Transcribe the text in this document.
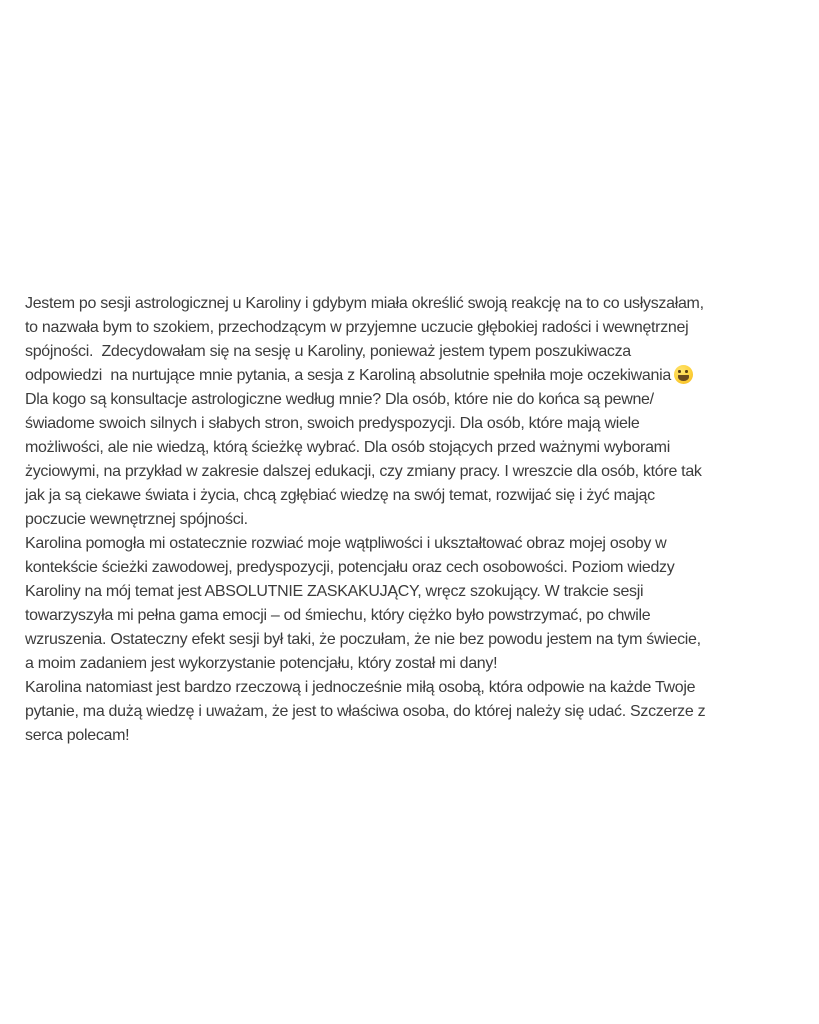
Jestem po sesji astrologicznej u Karoliny i gdybym miała określić swoją reakcję na to co usłyszałam,
to nazwała bym to szokiem, przechodzącym w przyjemne uczucie głębokiej radości i wewnętrznej
spójności.  Zdecydowałam się na sesję u Karoliny, ponieważ jestem typem poszukiwacza
odpowiedzi  na nurtujące mnie pytania, a sesja z Karoliną absolutnie spełniła moje oczekiwania
Dla kogo są konsultacje astrologiczne według mnie? Dla osób, które nie do końca są pewne/
świadome swoich silnych i słabych stron, swoich predyspozycji. Dla osób, które mają wiele
możliwości, ale nie wiedzą, którą ścieżkę wybrać. Dla osób stojących przed ważnymi wyborami
życiowymi, na przykład w zakresie dalszej edukacji, czy zmiany pracy. I wreszcie dla osób, które tak
jak ja są ciekawe świata i życia, chcą zgłębiać wiedzę na swój temat, rozwijać się i żyć mając
poczucie wewnętrznej spójności.
Karolina pomogła mi ostatecznie rozwiać moje wątpliwości i ukształtować obraz mojej osoby w
kontekście ścieżki zawodowej, predyspozycji, potencjału oraz cech osobowości. Poziom wiedzy
Karoliny na mój temat jest ABSOLUTNIE ZASKAKUJĄCY, wręcz szokujący. W trakcie sesji
towarzyszyła mi pełna gama emocji – od śmiechu, który ciężko było powstrzymać, po chwile
wzruszenia. Ostateczny efekt sesji był taki, że poczułam, że nie bez powodu jestem na tym świecie,
a moim zadaniem jest wykorzystanie potencjału, który został mi dany!
Karolina natomiast jest bardzo rzeczową i jednocześnie miłą osobą, która odpowie na każde Twoje
pytanie, ma dużą wiedzę i uważam, że jest to właściwa osoba, do której należy się udać. Szczerze z
serca polecam!
